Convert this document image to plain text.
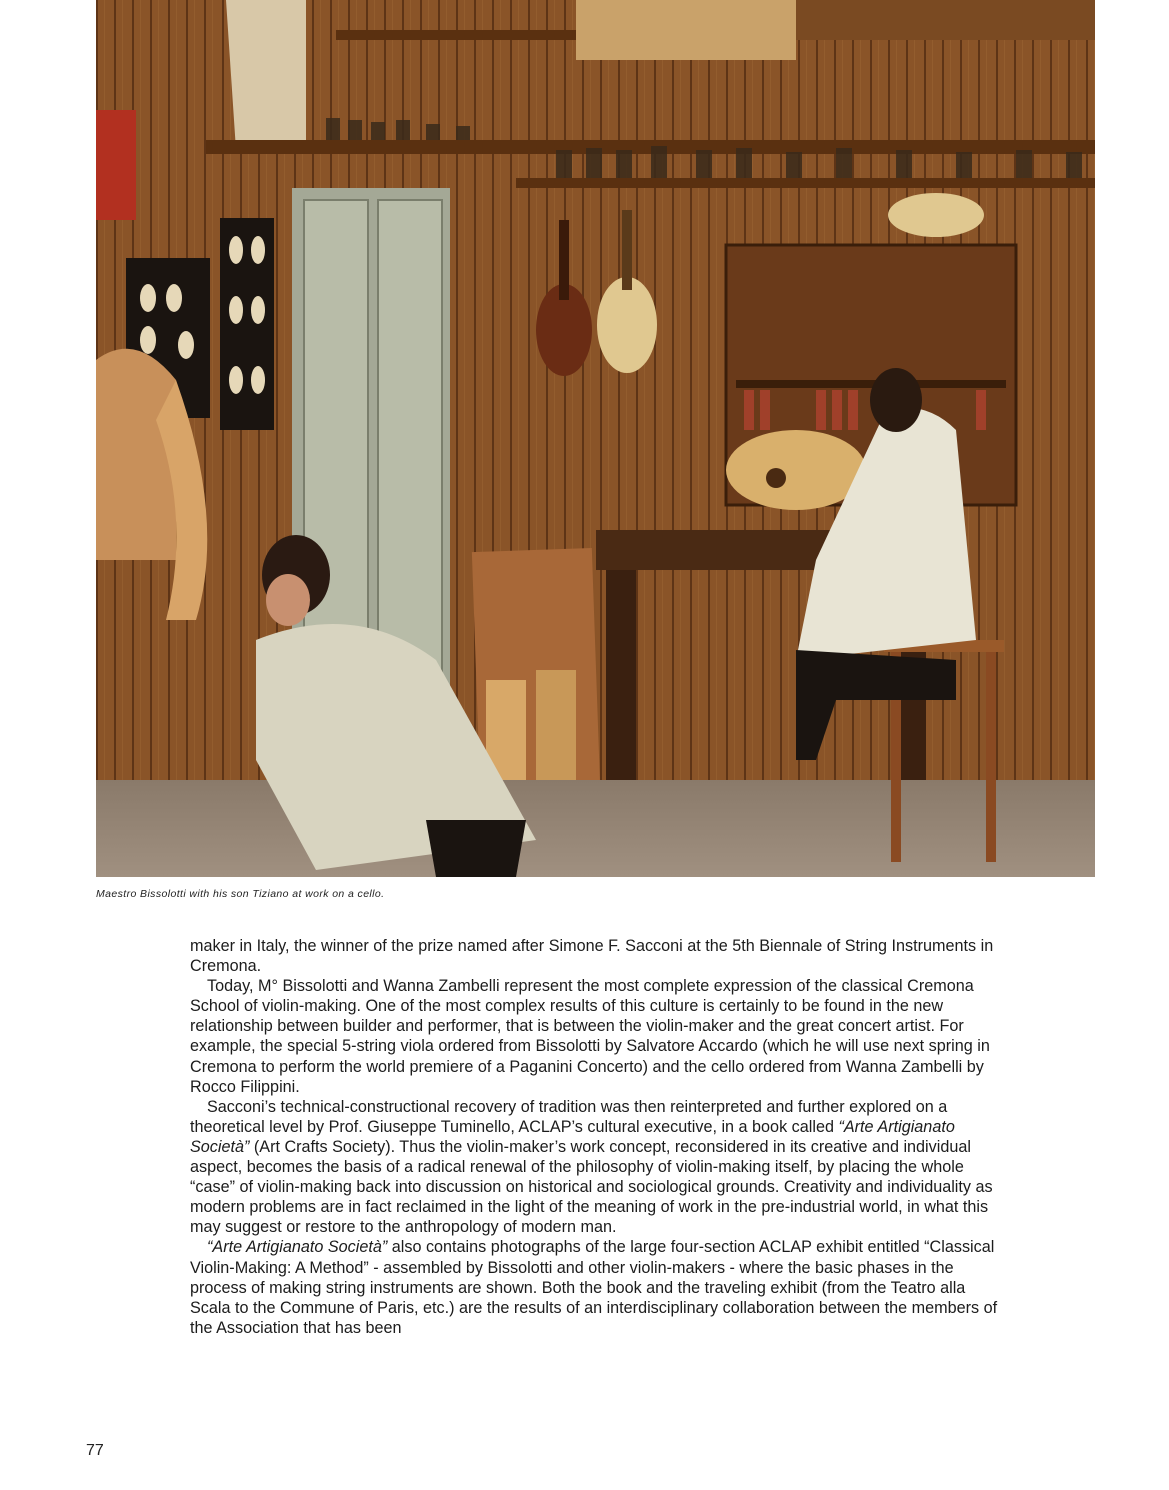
Maestro Bissolotti with his son Tiziano at work on a cello.

maker in Italy, the winner of the prize named after Simone F. Sacconi at the 5th Biennale of String Instruments in Cremona.

Today, M° Bissolotti and Wanna Zambelli represent the most complete expression of the classical Cremona School of violin-making. One of the most complex results of this culture is certainly to be found in the new relationship between builder and performer, that is between the violin-maker and the great concert artist. For example, the special 5-string viola ordered from Bissolotti by Salvatore Accardo (which he will use next spring in Cremona to perform the world premiere of a Paganini Concerto) and the cello ordered from Wanna Zambelli by Rocco Filippini.

Sacconi’s technical-constructional recovery of tradition was then reinterpreted and further explored on a theoretical level by Prof. Giuseppe Tuminello, ACLAP’s cultural executive, in a book called “Arte Artigianato Società” (Art Crafts Society). Thus the violin-maker’s work concept, reconsidered in its creative and individual aspect, becomes the basis of a radical renewal of the philosophy of violin-making itself, by placing the whole “case” of violin-making back into discussion on historical and sociological grounds. Creativity and individuality as modern problems are in fact reclaimed in the light of the meaning of work in the pre-industrial world, in what this may suggest or restore to the anthropology of modern man.

“Arte Artigianato Società” also contains photographs of the large four-section ACLAP exhibit entitled “Classical Violin-Making: A Method” - assembled by Bissolotti and other violin-makers - where the basic phases in the process of making string instruments are shown. Both the book and the traveling exhibit (from the Teatro alla Scala to the Commune of Paris, etc.) are the results of an interdisciplinary collaboration between the members of the Association that has been

77
